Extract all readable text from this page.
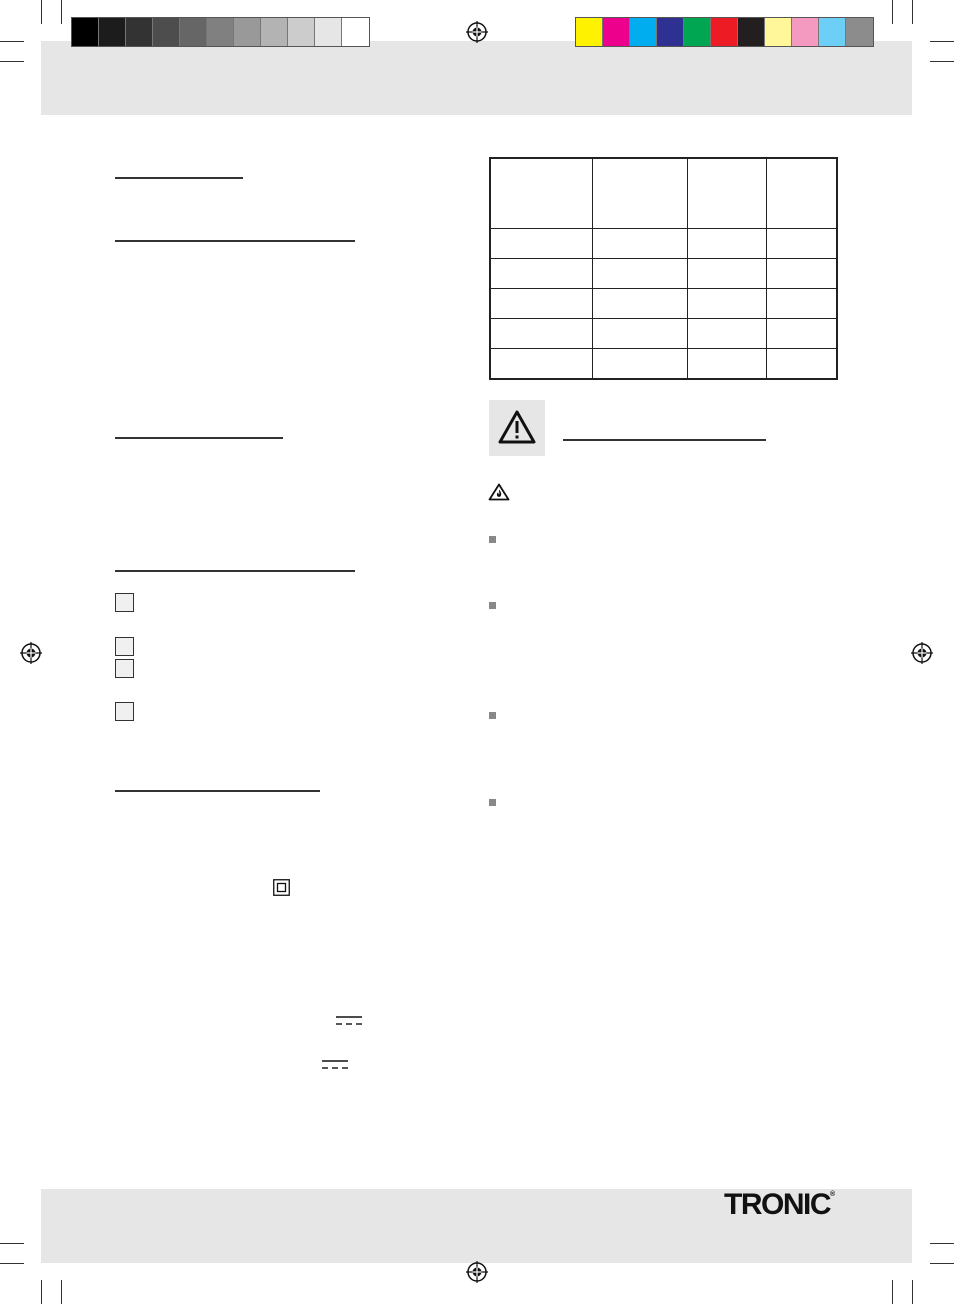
TRONIC®
